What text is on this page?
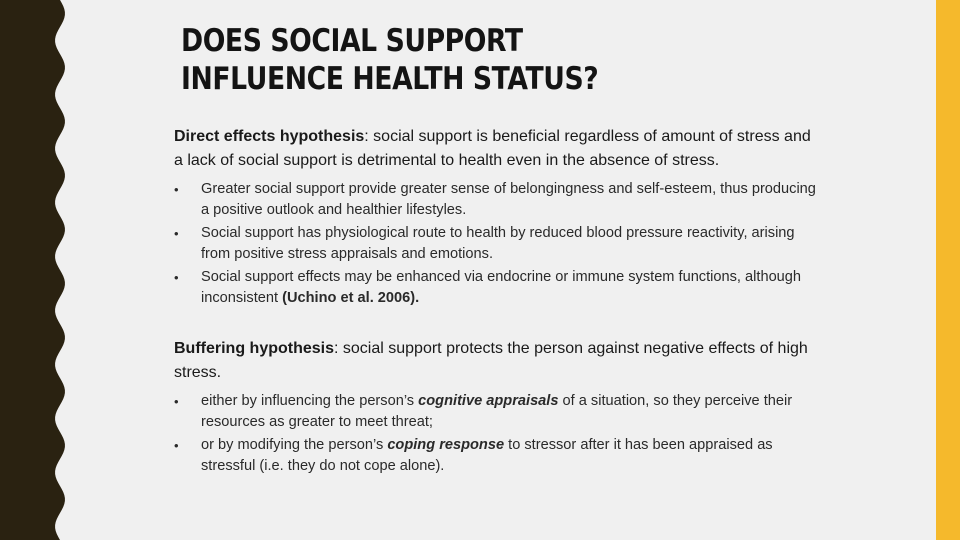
DOES SOCIAL SUPPORT
INFLUENCE HEALTH STATUS?

Direct effects hypothesis: social support is beneficial regardless of amount of stress and a lack of social support is detrimental to health even in the absence of stress.

• Greater social support provide greater sense of belongingness and self-esteem, thus producing a positive outlook and healthier lifestyles.
• Social support has physiological route to health by reduced blood pressure reactivity, arising from positive stress appraisals and emotions.
• Social support effects may be enhanced via endocrine or immune system functions, although inconsistent (Uchino et al. 2006).

Buffering hypothesis: social support protects the person against negative effects of high stress.

• either by influencing the person’s cognitive appraisals of a situation, so they perceive their resources as greater to meet threat;
• or by modifying the person’s coping response to stressor after it has been appraised as stressful (i.e. they do not cope alone).
